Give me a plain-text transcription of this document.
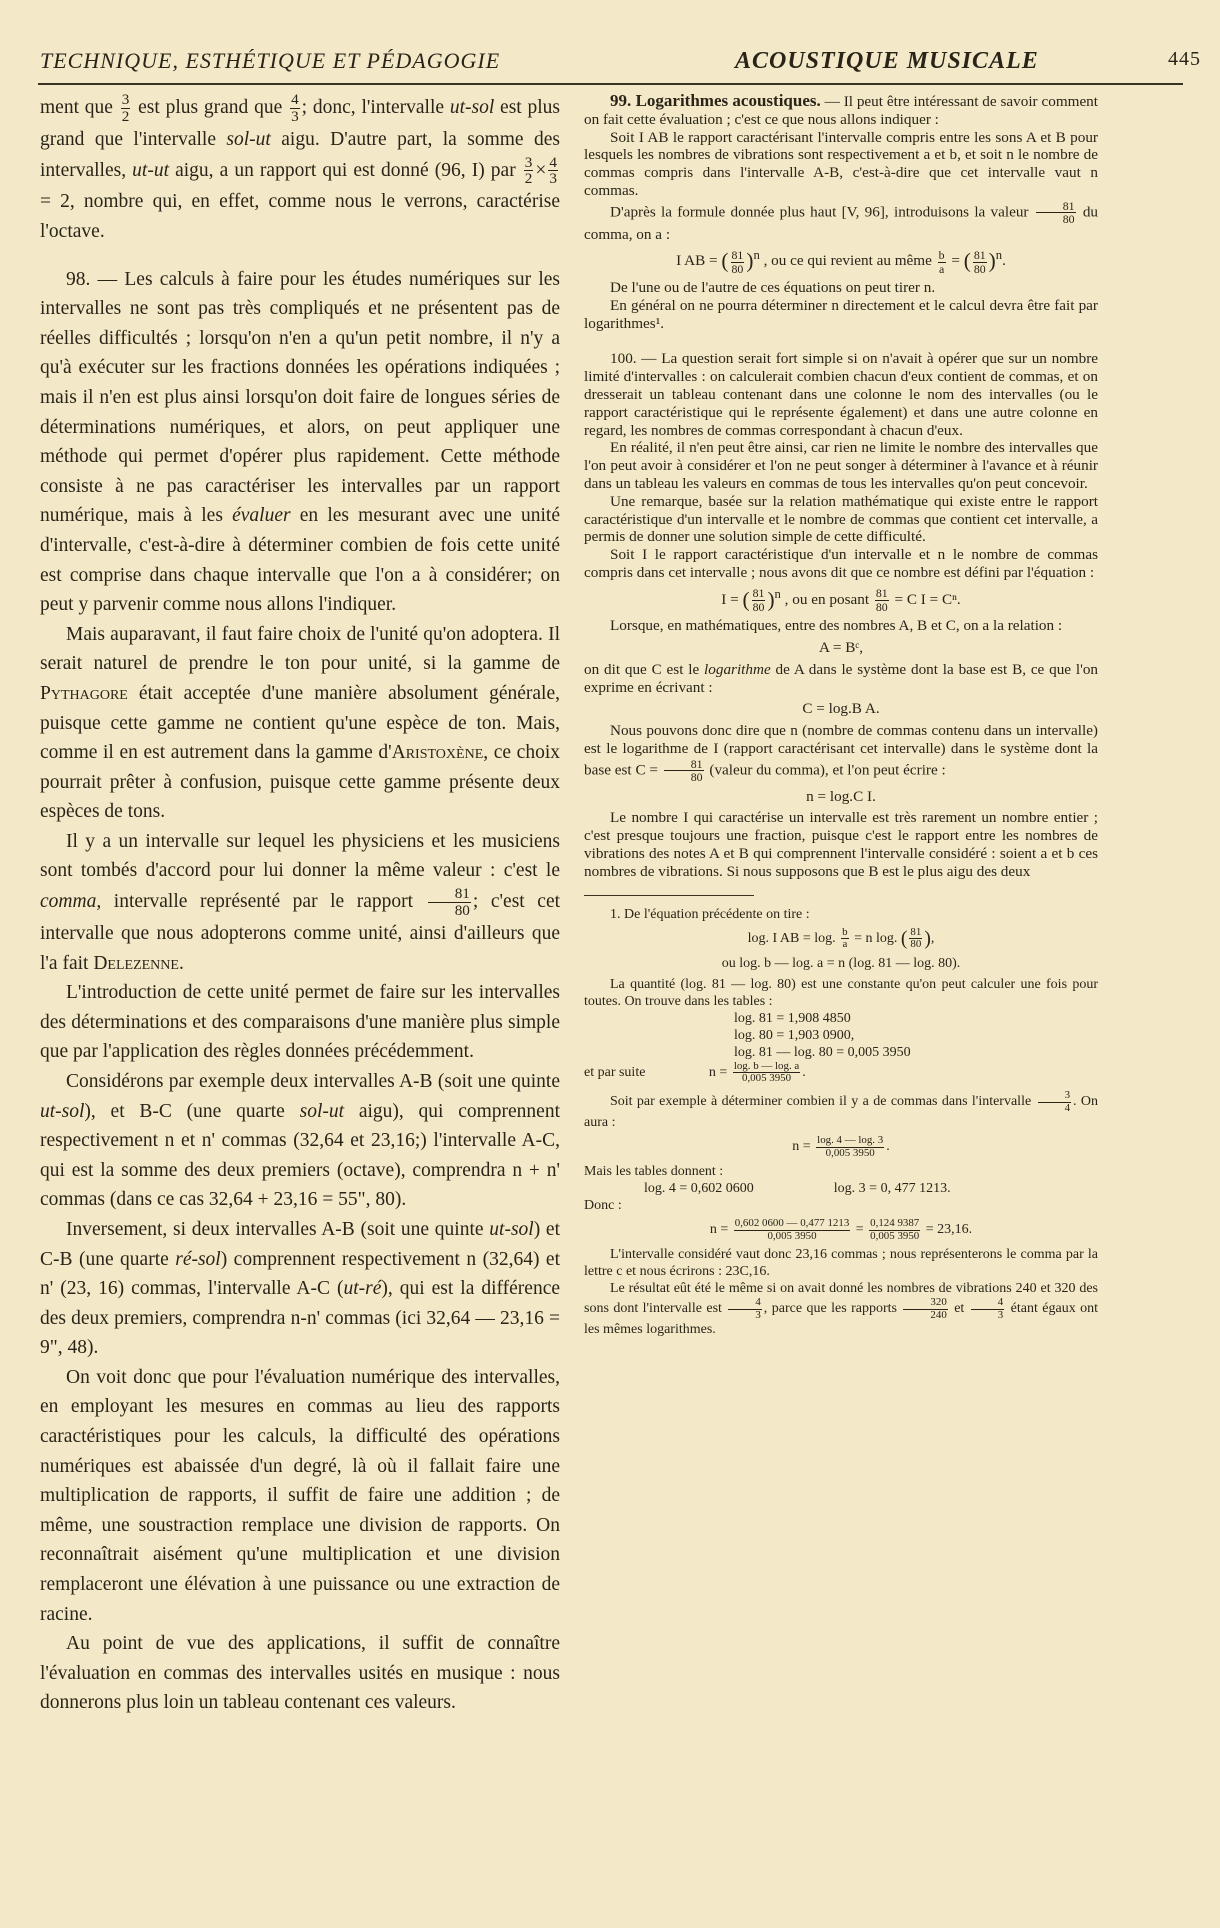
TECHNIQUE, ESTHÉTIQUE ET PÉDAGOGIE	ACOUSTIQUE MUSICALE	445

ment que $\frac{3}{2}$ est plus grand que $\frac{4}{3}$ ; donc, l'intervalle ut-sol est plus grand que l'intervalle sol-ut aigu. D'autre part, la somme des intervalles, ut-ut aigu, a un rapport qui est donné (96, I) par $\frac{3}{2} \times \frac{4}{3}$
= 2, nombre qui, en effet, comme nous le verrons, caractérise l'octave.

98. — Les calculs à faire pour les études numériques sur les intervalles ne sont pas très compliqués et ne présentent pas de réelles difficultés ; lorsqu'on n'en a qu'un petit nombre, il n'y a qu'à exécuter sur les fractions données les opérations indiquées ; mais il n'en est plus ainsi lorsqu'on doit faire de longues séries de déterminations numériques, et alors, on peut appliquer une méthode qui permet d'opérer plus rapidement. Cette méthode consiste à ne pas caractériser les intervalles par un rapport numérique, mais à les évaluer en les mesurant avec une unité d'intervalle, c'est-à-dire à déterminer combien de fois cette unité est comprise dans chaque intervalle que l'on a à considérer; on peut y parvenir comme nous allons l'indiquer.

Mais auparavant, il faut faire choix de l'unité qu'on adoptera. Il serait naturel de prendre le ton pour unité, si la gamme de Pythagore était acceptée d'une manière absolument générale, puisque cette gamme ne contient qu'une espèce de ton. Mais, comme il en est autrement dans la gamme d'Aristoxène, ce choix pourrait prêter à confusion, puisque cette gamme présente deux espèces de tons.

Il y a un intervalle sur lequel les physiciens et les musiciens sont tombés d'accord pour lui donner la même valeur : c'est le comma, intervalle représenté par le rapport $\frac{81}{80}$ ; c'est cet intervalle que nous adopterons comme unité, ainsi d'ailleurs que l'a fait Delezenne.

L'introduction de cette unité permet de faire sur les intervalles des déterminations et des comparaisons d'une manière plus simple que par l'application des règles données précédemment.

Considérons par exemple deux intervalles A-B (soit une quinte ut-sol), et B-C (une quarte sol-ut aigu), qui comprennent respectivement n et n' commas (32,64 et 23,16;) l'intervalle A-C, qui est la somme des deux premiers (octave), comprendra n + n' commas (dans ce cas 32,64 + 23,16 = 55", 80).

Inversement, si deux intervalles A-B (soit une quinte ut-sol) et C-B (une quarte ré-sol) comprennent respectivement n (32,64) et n' (23, 16) commas, l'intervalle A-C (ut-ré), qui est la différence des deux premiers, comprendra n-n' commas (ici 32,64 — 23,16 = 9", 48).

On voit donc que pour l'évaluation numérique des intervalles, en employant les mesures en commas au lieu des rapports caractéristiques pour les calculs, la difficulté des opérations numériques est abaissée d'un degré, là où il fallait faire une multiplication de rapports, il suffit de faire une addition ; de même, une soustraction remplace une division de rapports. On reconnaîtrait aisément qu'une multiplication et une division remplaceront une élévation à une puissance ou une extraction de racine.

Au point de vue des applications, il suffit de connaître l'évaluation en commas des intervalles usités en musique : nous donnerons plus loin un tableau contenant ces valeurs.

99. Logarithmes acoustiques. — Il peut être intéressant de savoir comment on fait cette évaluation ; c'est ce que nous allons indiquer :

Soit I AB le rapport caractérisant l'intervalle compris entre les sons A et B pour lesquels les nombres de vibrations sont respectivement a et b, et soit n le nombre de commas compris dans l'intervalle A-B, c'est-à-dire que cet intervalle vaut n commas.

D'après la formule donnée plus haut [V, 96], introduisons la valeur $\frac{81}{80}$ du comma, on a :

I AB = ( $\frac{81}{80} )^n$ , ou ce qui revient au même $\frac{b}{a}$ = ( $\frac{81}{80} )^n$.

De l'une ou de l'autre de ces équations on peut tirer n.

En général on ne pourra déterminer n directement et le calcul devra être fait par logarithmes¹.

100. — La question serait fort simple si on n'avait à opérer que sur un nombre limité d'intervalles : on calculerait combien chacun d'eux contient de commas, et on dresserait un tableau contenant dans une colonne le nom des intervalles (ou le rapport caractéristique qui le représente également) et dans une autre colonne en regard, les nombres de commas correspondant à chacun d'eux.

En réalité, il n'en peut être ainsi, car rien ne limite le nombre des intervalles que l'on peut avoir à considérer et l'on ne peut songer à déterminer à l'avance et à réunir dans un tableau les valeurs en commas de tous les intervalles qu'on peut concevoir.

Une remarque, basée sur la relation mathématique qui existe entre le rapport caractéristique d'un intervalle et le nombre de commas que contient cet intervalle, a permis de donner une solution simple de cette difficulté.

Soit I le rapport caractéristique d'un intervalle et n le nombre de commas compris dans cet intervalle ; nous avons dit que ce nombre est défini par l'équation :

I = ( $\frac{81}{80} )^n$ , ou en posant $\frac{81}{80} = C$ I = Cⁿ.

Lorsque, en mathématiques, entre des nombres A, B et C, on a la relation :

A = Bᶜ,

on dit que C est le logarithme de A dans le système dont la base est B, ce que l'on exprime en écrivant :

C = log.B A.

Nous pouvons donc dire que n (nombre de commas contenu dans un intervalle) est le logarithme de I (rapport caractérisant cet intervalle) dans le système dont la base est $C = \frac{81}{80}$ (valeur du comma), et l'on peut écrire :

n = log.C I.

Le nombre I qui caractérise un intervalle est très rarement un nombre entier ; c'est presque toujours une fraction, puisque c'est le rapport entre les nombres de vibrations des notes A et B qui comprennent l'intervalle considéré : soient a et b ces nombres de vibrations. Si nous supposons que B est le plus aigu des deux

1. De l'équation précédente on tire :

log. I AB = log. $\frac{b}{a} = n$ log. ( $\frac{81}{80}$ ),

ou log. b — log. a = n (log. 81 — log. 80).

La quantité (log. 81 — log. 80) est une constante qu'on peut calculer une fois pour toutes. On trouve dans les tables :

log. 81 = 1,908 4850

log. 80 = 1,903 0900,

log. 81 — log. 80 = 0,005 3950

et par suite	$n = \frac{\log. b — \log. a}{0,005 3950}$ .

Soit par exemple à déterminer combien il y a de commas dans l'intervalle $\frac{3}{4}$ . On aura :

$n = \frac{\log. 4 — \log. 3}{0,005 3950}$ .

Mais les tables donnent :

log. 4 = 0,602 0600	log. 3 = 0, 477 1213.

Donc :

$n = \frac{0,602 0600 — 0,477 1213}{0,005 3950} = \frac{0,124 9387}{0,005 3950} = 23,16$.

L'intervalle considéré vaut donc 23,16 commas ; nous représenterons le comma par la lettre c et nous écrirons : 23C,16.

Le résultat eût été le même si on avait donné les nombres de vibrations 240 et 320 des sons dont l'intervalle est $\frac{4}{3}$ , parce que les rapports $\frac{320}{240}$ et $\frac{4}{3}$ étant égaux ont les mêmes logarithmes.
